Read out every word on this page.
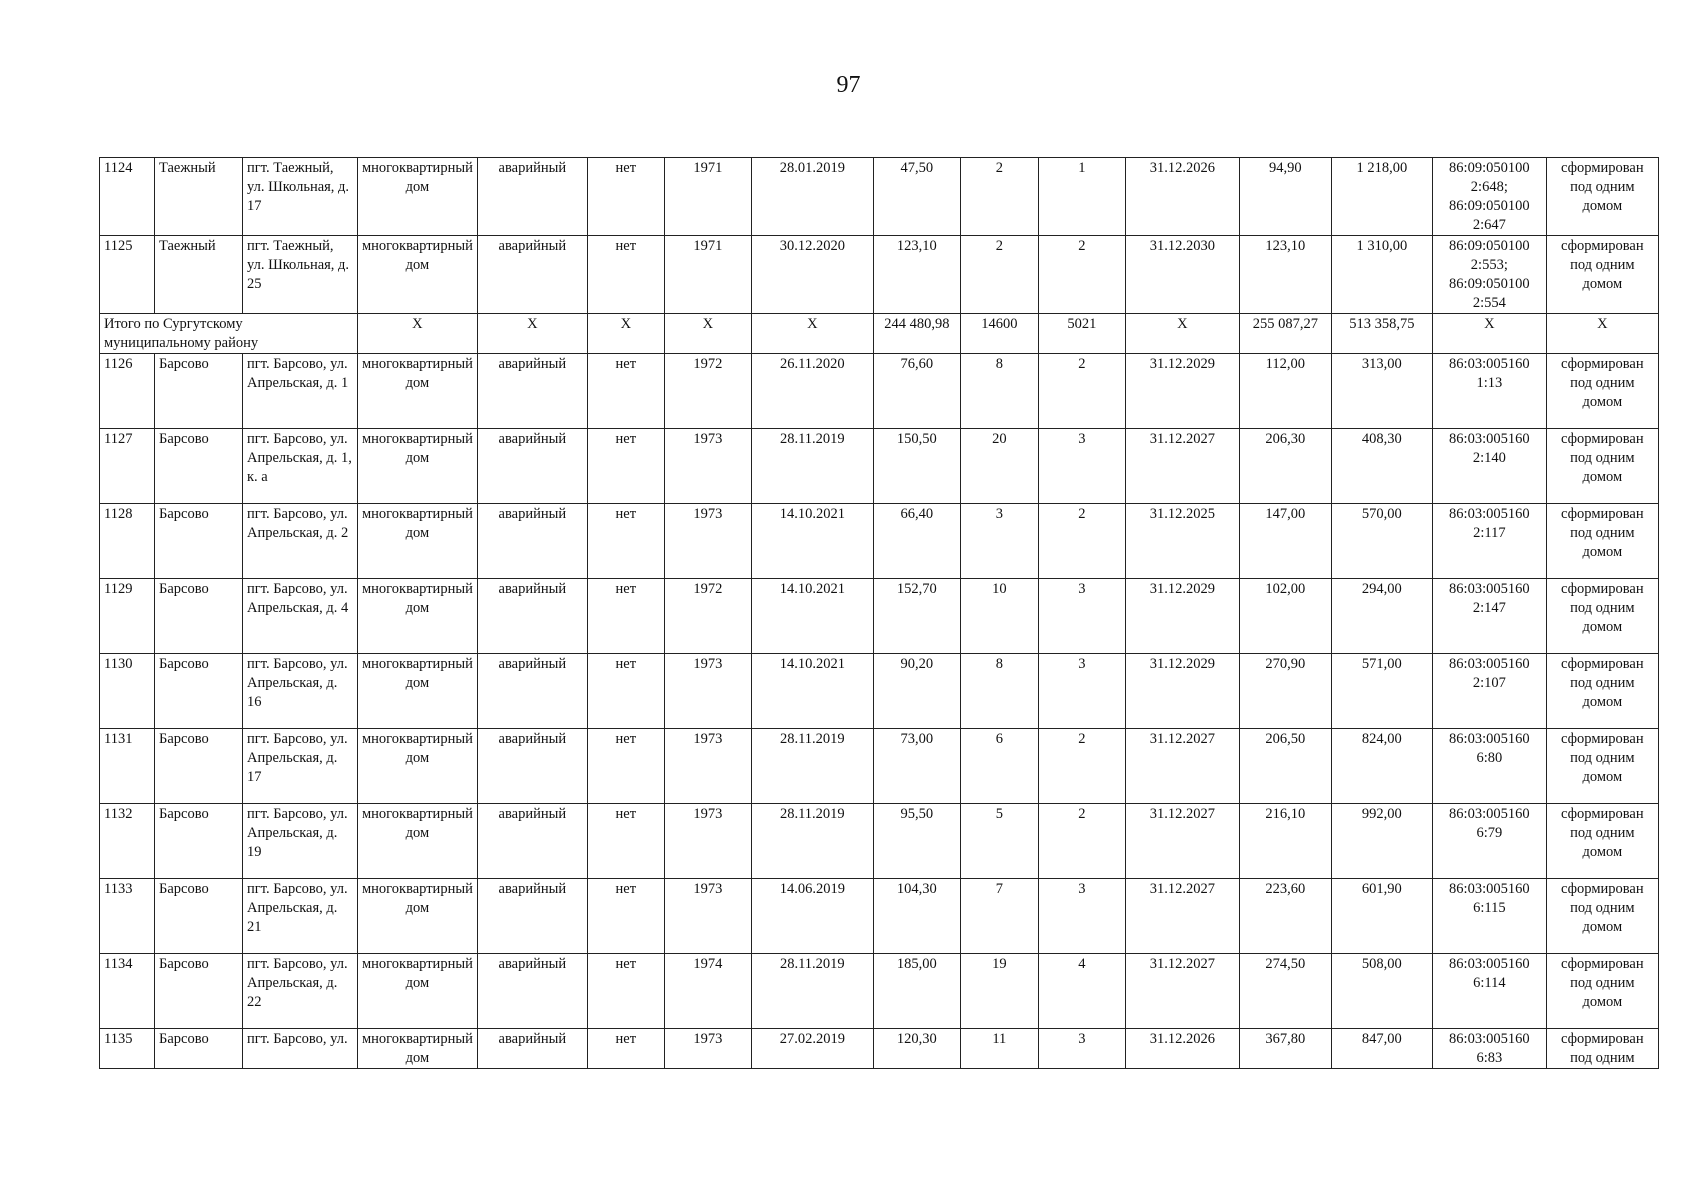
97
1124	Таежный	пгт. Таежный, ул. Школьная, д. 17	многоквартирный дом	аварийный	нет	1971	28.01.2019	47,50	2	1	31.12.2026	94,90	1 218,00	86:09:050100 2:648; 86:09:050100 2:647	сформирован под одним домом
1125	Таежный	пгт. Таежный, ул. Школьная, д. 25	многоквартирный дом	аварийный	нет	1971	30.12.2020	123,10	2	2	31.12.2030	123,10	1 310,00	86:09:050100 2:553; 86:09:050100 2:554	сформирован под одним домом
Итого по Сургутскому муниципальному району			X	X	X	X	X	244 480,98	14600	5021	X	255 087,27	513 358,75	X	X
1126	Барсово	пгт. Барсово, ул. Апрельская, д. 1	многоквартирный дом	аварийный	нет	1972	26.11.2020	76,60	8	2	31.12.2029	112,00	313,00	86:03:005160 1:13	сформирован под одним домом
1127	Барсово	пгт. Барсово, ул. Апрельская, д. 1, к. а	многоквартирный дом	аварийный	нет	1973	28.11.2019	150,50	20	3	31.12.2027	206,30	408,30	86:03:005160 2:140	сформирован под одним домом
1128	Барсово	пгт. Барсово, ул. Апрельская, д. 2	многоквартирный дом	аварийный	нет	1973	14.10.2021	66,40	3	2	31.12.2025	147,00	570,00	86:03:005160 2:117	сформирован под одним домом
1129	Барсово	пгт. Барсово, ул. Апрельская, д. 4	многоквартирный дом	аварийный	нет	1972	14.10.2021	152,70	10	3	31.12.2029	102,00	294,00	86:03:005160 2:147	сформирован под одним домом
1130	Барсово	пгт. Барсово, ул. Апрельская, д. 16	многоквартирный дом	аварийный	нет	1973	14.10.2021	90,20	8	3	31.12.2029	270,90	571,00	86:03:005160 2:107	сформирован под одним домом
1131	Барсово	пгт. Барсово, ул. Апрельская, д. 17	многоквартирный дом	аварийный	нет	1973	28.11.2019	73,00	6	2	31.12.2027	206,50	824,00	86:03:005160 6:80	сформирован под одним домом
1132	Барсово	пгт. Барсово, ул. Апрельская, д. 19	многоквартирный дом	аварийный	нет	1973	28.11.2019	95,50	5	2	31.12.2027	216,10	992,00	86:03:005160 6:79	сформирован под одним домом
1133	Барсово	пгт. Барсово, ул. Апрельская, д. 21	многоквартирный дом	аварийный	нет	1973	14.06.2019	104,30	7	3	31.12.2027	223,60	601,90	86:03:005160 6:115	сформирован под одним домом
1134	Барсово	пгт. Барсово, ул. Апрельская, д. 22	многоквартирный дом	аварийный	нет	1974	28.11.2019	185,00	19	4	31.12.2027	274,50	508,00	86:03:005160 6:114	сформирован под одним домом
1135	Барсово	пгт. Барсово, ул.	многоквартирный дом	аварийный	нет	1973	27.02.2019	120,30	11	3	31.12.2026	367,80	847,00	86:03:005160 6:83	сформирован под одним
